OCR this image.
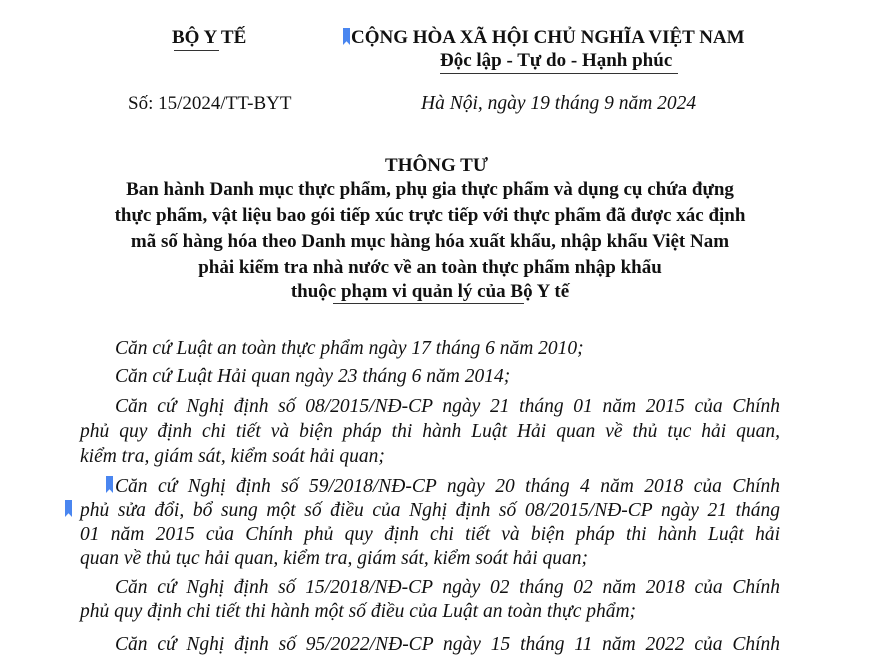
BỘ Y TẾ	CỘNG HÒA XÃ HỘI CHỦ NGHĨA VIỆT NAM
Độc lập - Tự do - Hạnh phúc
Số: 15/2024/TT-BYT	Hà Nội, ngày 19 tháng 9 năm 2024
THÔNG TƯ
Ban hành Danh mục thực phẩm, phụ gia thực phẩm và dụng cụ chứa đựng
thực phẩm, vật liệu bao gói tiếp xúc trực tiếp với thực phẩm đã được xác định
mã số hàng hóa theo Danh mục hàng hóa xuất khẩu, nhập khẩu Việt Nam
phải kiểm tra nhà nước về an toàn thực phẩm nhập khẩu
thuộc phạm vi quản lý của Bộ Y tế
Căn cứ Luật an toàn thực phẩm ngày 17 tháng 6 năm 2010;
Căn cứ Luật Hải quan ngày 23 tháng 6 năm 2014;
Căn cứ Nghị định số 08/2015/NĐ-CP ngày 21 tháng 01 năm 2015 của Chính
phủ quy định chi tiết và biện pháp thi hành Luật Hải quan về thủ tục hải quan,
kiểm tra, giám sát, kiểm soát hải quan;
Căn cứ Nghị định số 59/2018/NĐ-CP ngày 20 tháng 4 năm 2018 của Chính
phủ sửa đổi, bổ sung một số điều của Nghị định số 08/2015/NĐ-CP ngày 21 tháng
01 năm 2015 của Chính phủ quy định chi tiết và biện pháp thi hành Luật hải
quan về thủ tục hải quan, kiểm tra, giám sát, kiểm soát hải quan;
Căn cứ Nghị định số 15/2018/NĐ-CP ngày 02 tháng 02 năm 2018 của Chính
phủ quy định chi tiết thi hành một số điều của Luật an toàn thực phẩm;
Căn cứ Nghị định số 95/2022/NĐ-CP ngày 15 tháng 11 năm 2022 của Chính
